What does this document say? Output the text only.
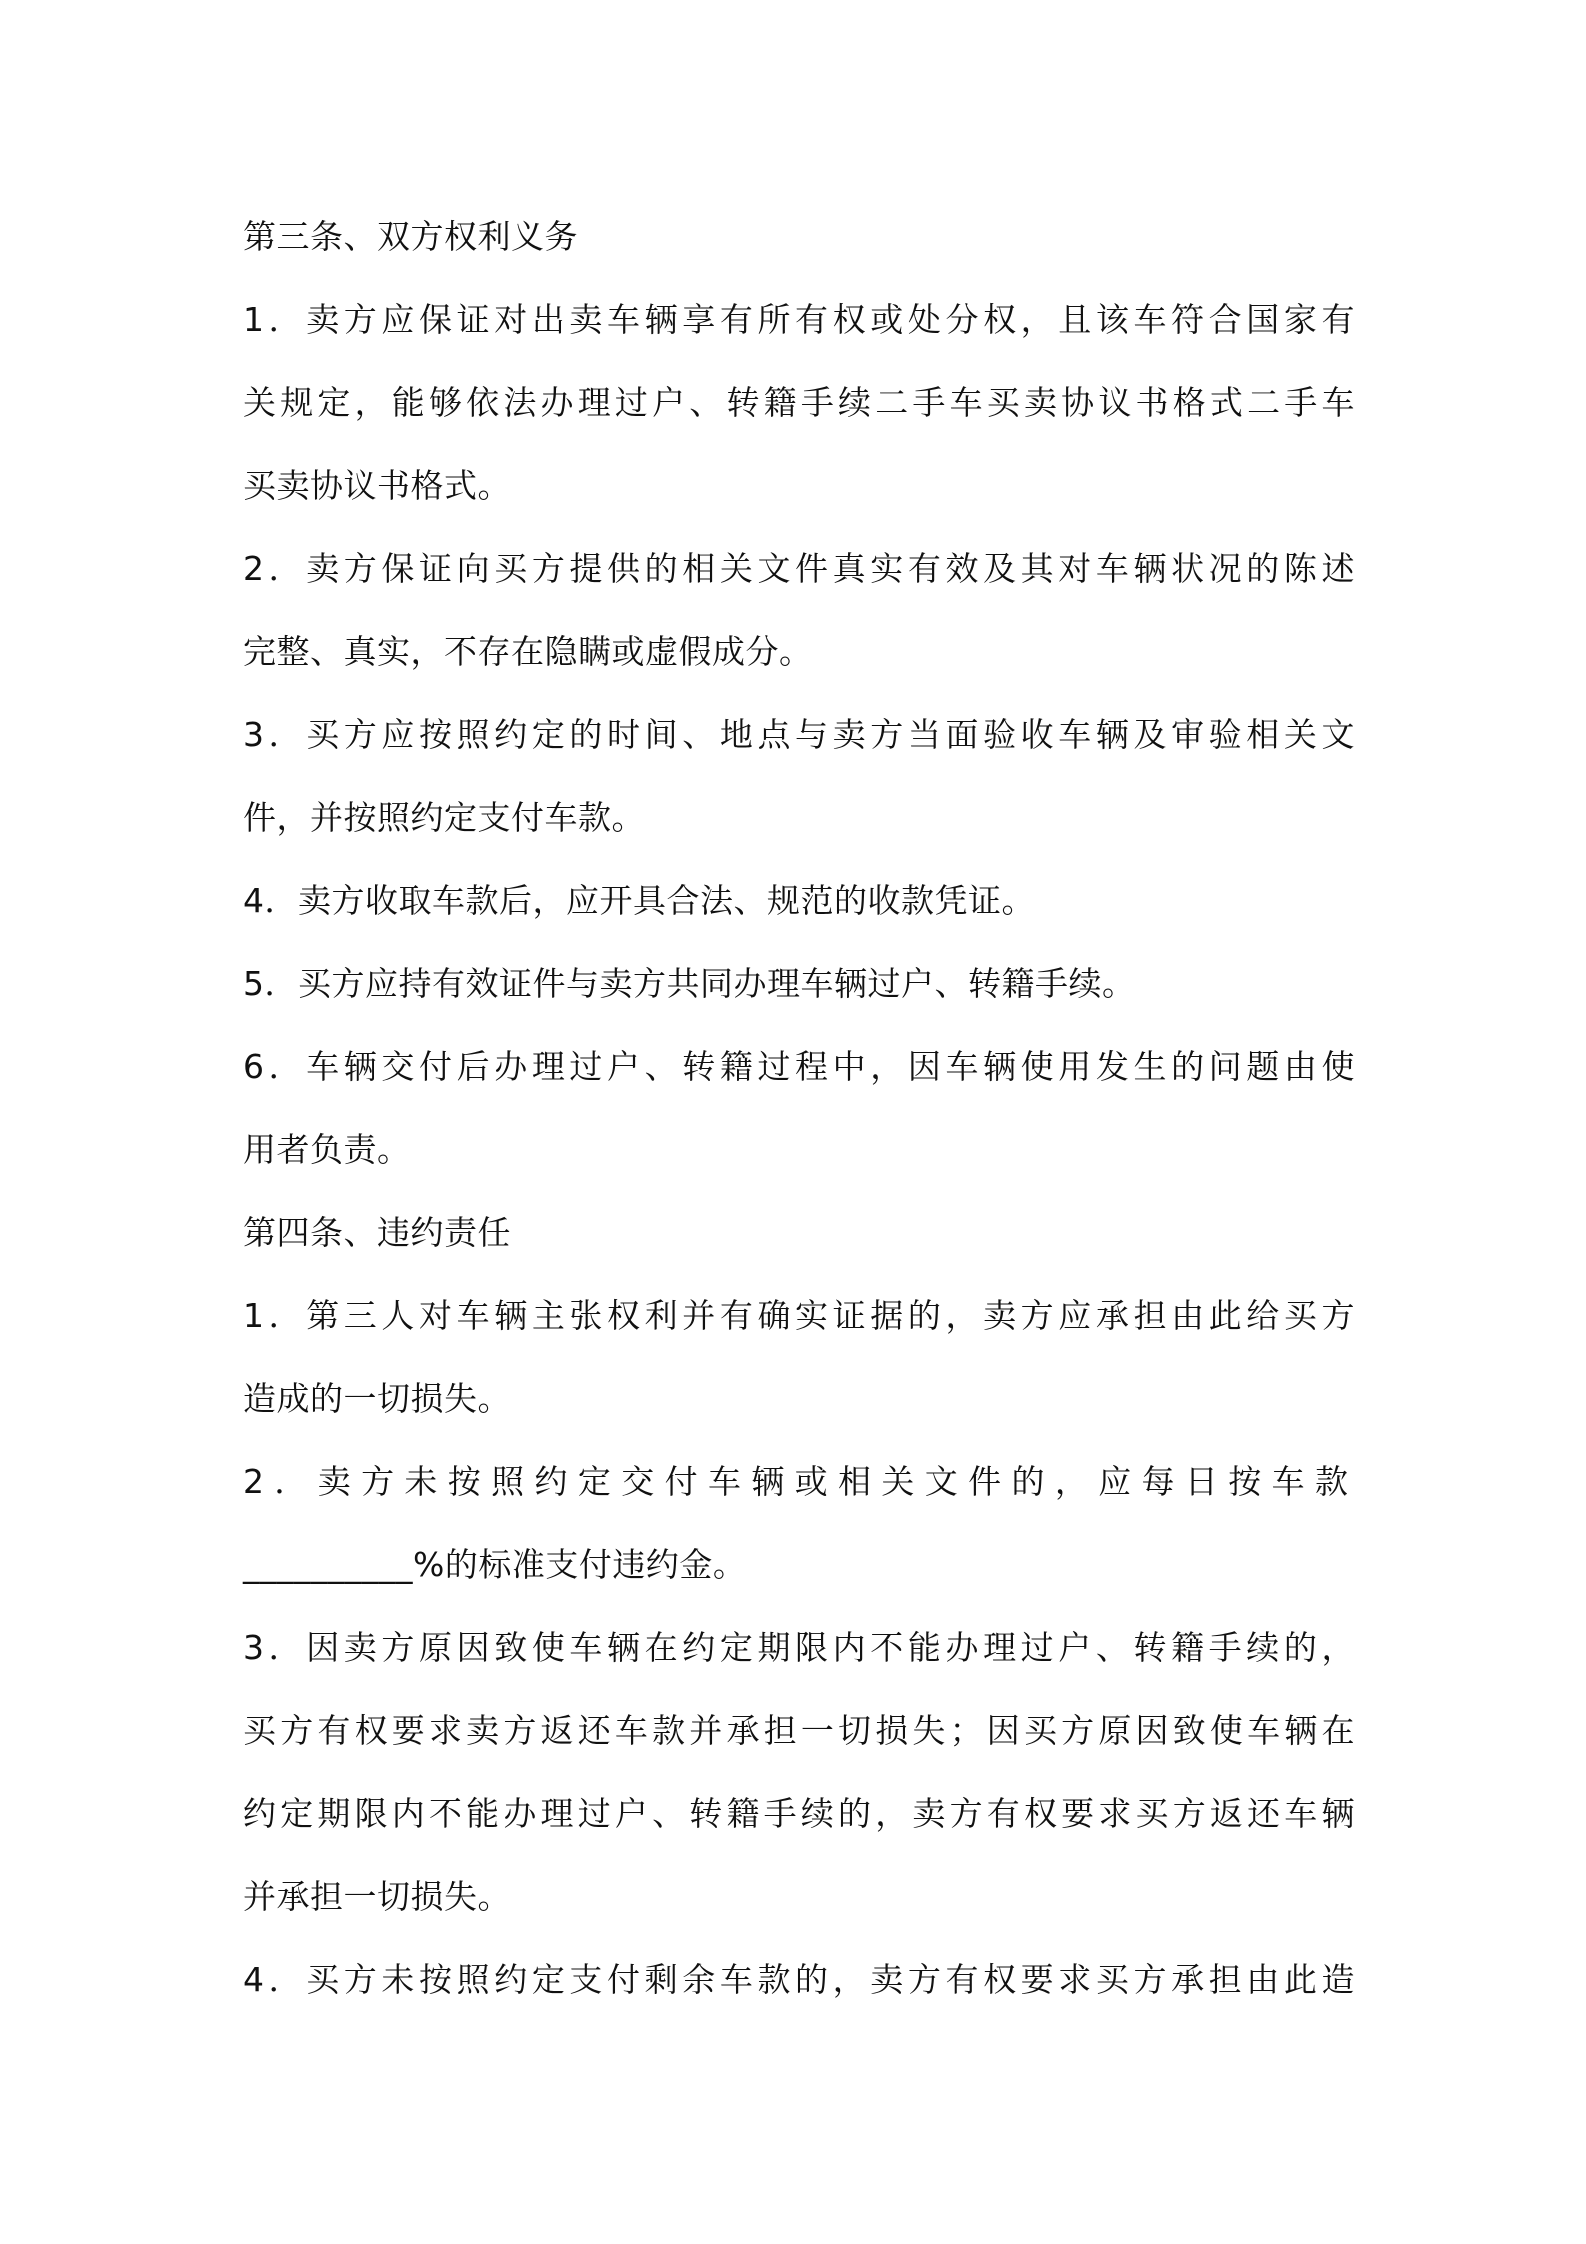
第三条、双方权利义务
1．卖方应保证对出卖车辆享有所有权或处分权，且该车符合国家有
关规定，能够依法办理过户、转籍手续二手车买卖协议书格式二手车
买卖协议书格式。
2．卖方保证向买方提供的相关文件真实有效及其对车辆状况的陈述
完整、真实，不存在隐瞒或虚假成分。
3．买方应按照约定的时间、地点与卖方当面验收车辆及审验相关文
件，并按照约定支付车款。
4．卖方收取车款后，应开具合法、规范的收款凭证。
5．买方应持有效证件与卖方共同办理车辆过户、转籍手续。
6．车辆交付后办理过户、转籍过程中，因车辆使用发生的问题由使
用者负责。
第四条、违约责任
1．第三人对车辆主张权利并有确实证据的，卖方应承担由此给买方
造成的一切损失。
2．卖方未按照约定交付车辆或相关文件的，应每日按车款
__________%的标准支付违约金。
3．因卖方原因致使车辆在约定期限内不能办理过户、转籍手续的，
买方有权要求卖方返还车款并承担一切损失；因买方原因致使车辆在
约定期限内不能办理过户、转籍手续的，卖方有权要求买方返还车辆
并承担一切损失。
4．买方未按照约定支付剩余车款的，卖方有权要求买方承担由此造
